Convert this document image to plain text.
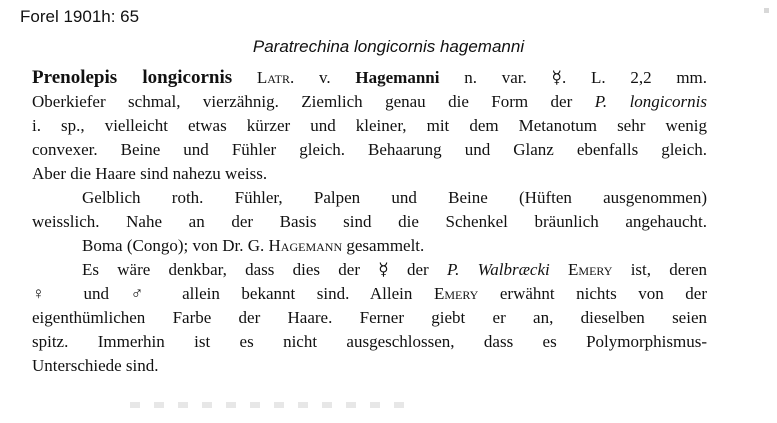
Forel 1901h: 65
Paratrechina longicornis hagemanni
Prenolepis longicornis Latr. v. Hagemanni n. var. ☿. L. 2,2 mm.
Oberkiefer schmal, vierzähnig. Ziemlich genau die Form der P. longicornis
i. sp., vielleicht etwas kürzer und kleiner, mit dem Metanotum sehr wenig
convexer. Beine und Fühler gleich. Behaarung und Glanz ebenfalls gleich.
Aber die Haare sind nahezu weiss.
Gelblich roth. Fühler, Palpen und Beine (Hüften ausgenommen)
weisslich. Nahe an der Basis sind die Schenkel bräunlich angehaucht.
Boma (Congo); von Dr. G. Hagemann gesammelt.
Es wäre denkbar, dass dies der ☿ der P. Walbræcki Emery ist, deren
♀ und ♂ allein bekannt sind. Allein Emery erwähnt nichts von der
eigenthümlichen Farbe der Haare. Ferner giebt er an, dieselben seien
spitz. Immerhin ist es nicht ausgeschlossen, dass es Polymorphismus-
Unterschiede sind.
